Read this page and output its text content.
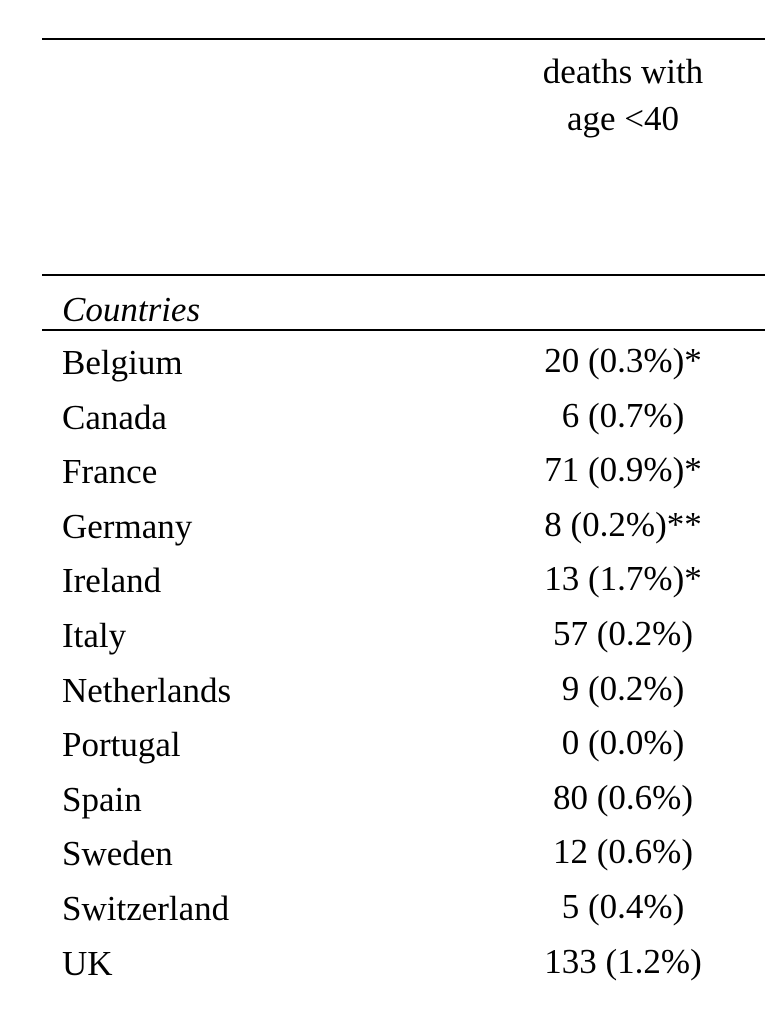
deaths with
age <40
Countries
Belgium	20 (0.3%)*
Canada	6 (0.7%)
France	71 (0.9%)*
Germany	8 (0.2%)**
Ireland	13 (1.7%)*
Italy	57 (0.2%)
Netherlands	9 (0.2%)
Portugal	0 (0.0%)
Spain	80 (0.6%)
Sweden	12 (0.6%)
Switzerland	5 (0.4%)
UK	133 (1.2%)
